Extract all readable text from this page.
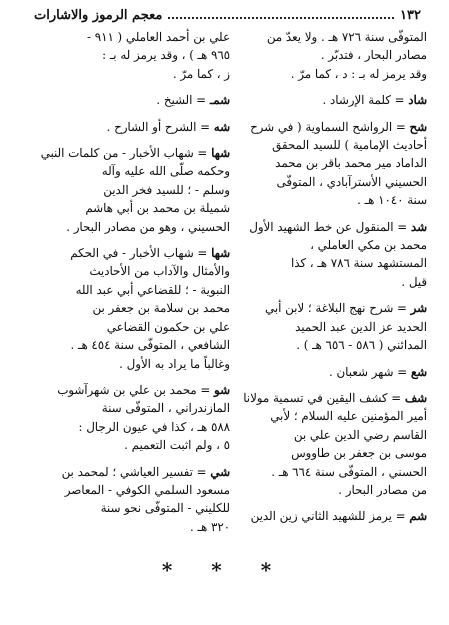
١٣٢
معجم الرموز والاشارات

المتوفّى سنة ٧٢٦ هـ . ولا يعدّ من

مصادر البحار ، فتدبّر .

وقد يرمز له بـ : د ، كما مرّ .

شاد = كلمة الإرشاد .

شح = الرواشح السماوية ( في شرح

أحاديث الإمامية ) للسيد المحقق

الداماد مير محمد باقر بن محمد

الحسيني الأسترآبادي ، المتوفّى

سنة ١٠٤٠ هـ .

شد = المنقول عن خط الشهيد الأول

محمد بن مكي العاملي ،

المستشهد سنة ٧٨٦ هـ ، كذا

قيل .

شر = شرح نهج البلاغة ؛ لابن أبي

الحديد عز الدين عبد الحميد

المدائني ( ٥٨٦ - ٦٥٦ هـ ) .

شع = شهر شعبان .

شف = كشف اليقين في تسمية مولانا

أمير المؤمنين عليه السلام ؛ لأبي

القاسم رضي الدين علي بن

موسى بن جعفر بن طاووس

الحسني ، المتوفّى سنة ٦٦٤ هـ .

من مصادر البحار .

شم = يرمز للشهيد الثاني زين الدين

علي بن أحمد العاملي ( ٩١١ -

٩٦٥ هـ ) ، وقد يرمز له بـ :

ز ، كما مرّ .

شمـ = الشيخ .

شه = الشرح أو الشارح .

شها = شهاب الأخبار - من كلمات النبي

وحكمه صلّى الله عليه وآله

وسلم - ؛ للسيد فخر الدين

شميلة بن محمد بن أبي هاشم

الحسيني ، وهو من مصادر البحار .

شها = شهاب الأخبار - في الحكم

والأمثال والآداب من الأحاديث

النبوية - ؛ للقضاعي أبي عبد الله

محمد بن سلامة بن جعفر بن

علي بن حكمون القضاعي

الشافعي ، المتوفّى سنة ٤٥٤ هـ .

وغالباً ما يراد به الأول .

شو = محمد بن علي بن شهرآشوب

المازندراني ، المتوفّى سنة

٥٨٨ هـ ، كذا في عيون الرجال :

٥ ، ولم اثبت التعميم .

شي = تفسير العياشي ؛ لمحمد بن

مسعود السلمي الكوفي - المعاصر

للكليني - المتوفّى نحو سنة

٣٢٠ هـ .

* * *
